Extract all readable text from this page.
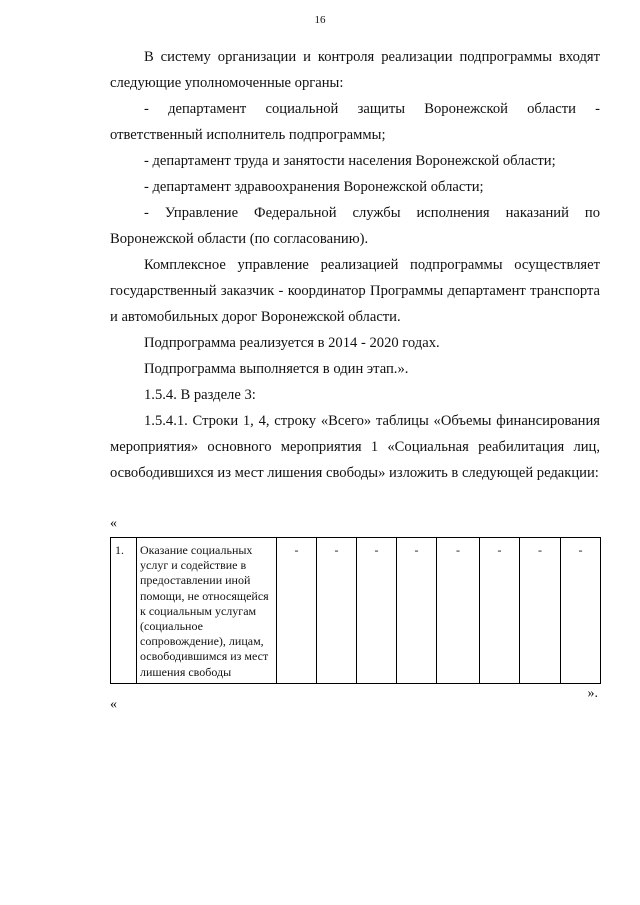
16

В систему организации и контроля реализации подпрограммы входят следующие уполномоченные органы:

- департамент социальной защиты Воронежской области - ответственный исполнитель подпрограммы;

- департамент труда и занятости населения Воронежской области;

- департамент здравоохранения Воронежской области;

- Управление Федеральной службы исполнения наказаний по Воронежской области (по согласованию).

Комплексное управление реализацией подпрограммы осуществляет государственный заказчик - координатор Программы департамент транспорта и автомобильных дорог Воронежской области.

Подпрограмма реализуется в 2014 - 2020 годах.

Подпрограмма выполняется в один этап.».

1.5.4. В разделе 3:

1.5.4.1. Строки 1, 4, строку «Всего» таблицы «Объемы финансирования мероприятия» основного мероприятия 1 «Социальная реабилитация лиц, освободившихся из мест лишения свободы» изложить в следующей редакции:

«
1.	Оказание социальных услуг и содействие в предоставлении иной помощи, не относящейся к социальным услугам (социальное сопровождение), лицам, освободившимся из мест лишения свободы	-	-	-	-	-	-	-	-
».
«
